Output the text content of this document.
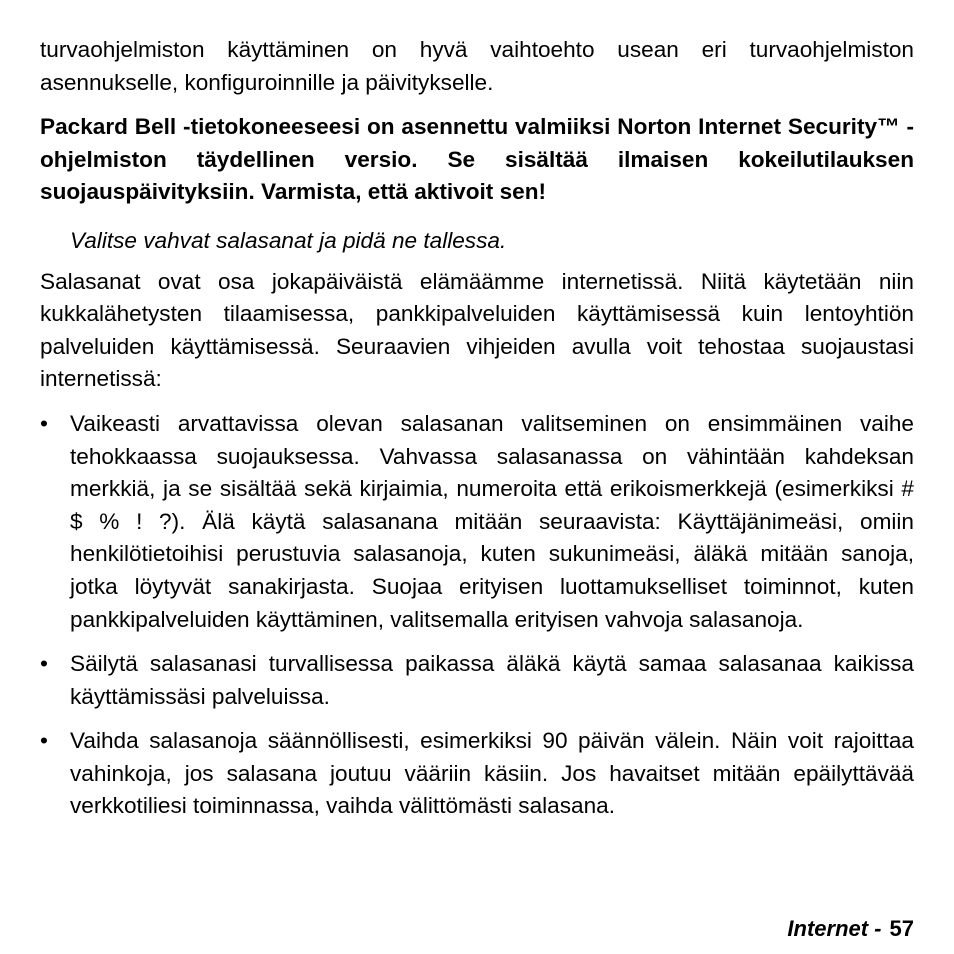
turvaohjelmiston käyttäminen on hyvä vaihtoehto usean eri turvaohjelmiston asennukselle, konfiguroinnille ja päivitykselle.

Packard Bell -tietokoneeseesi on asennettu valmiiksi Norton Internet Security™ -ohjelmiston täydellinen versio. Se sisältää ilmaisen kokeilutilauksen suojauspäivityksiin. Varmista, että aktivoit sen!

Valitse vahvat salasanat ja pidä ne tallessa.

Salasanat ovat osa jokapäiväistä elämäämme internetissä. Niitä käytetään niin kukkalähetysten tilaamisessa, pankkipalveluiden käyttämisessä kuin lentoyhtiön palveluiden käyttämisessä. Seuraavien vihjeiden avulla voit tehostaa suojaustasi internetissä:

• Vaikeasti arvattavissa olevan salasanan valitseminen on ensimmäinen vaihe tehokkaassa suojauksessa. Vahvassa salasanassa on vähintään kahdeksan merkkiä, ja se sisältää sekä kirjaimia, numeroita että erikoismerkkejä (esimerkiksi # $ % ! ?). Älä käytä salasanana mitään seuraavista: Käyttäjänimeäsi, omiin henkilötietoihisi perustuvia salasanoja, kuten sukunimeäsi, äläkä mitään sanoja, jotka löytyvät sanakirjasta. Suojaa erityisen luottamukselliset toiminnot, kuten pankkipalveluiden käyttäminen, valitsemalla erityisen vahvoja salasanoja.

• Säilytä salasanasi turvallisessa paikassa äläkä käytä samaa salasanaa kaikissa käyttämissäsi palveluissa.

• Vaihda salasanoja säännöllisesti, esimerkiksi 90 päivän välein. Näin voit rajoittaa vahinkoja, jos salasana joutuu vääriin käsiin. Jos havaitset mitään epäilyttävää verkkotiliesi toiminnassa, vaihda välittömästi salasana.

Internet - 57
